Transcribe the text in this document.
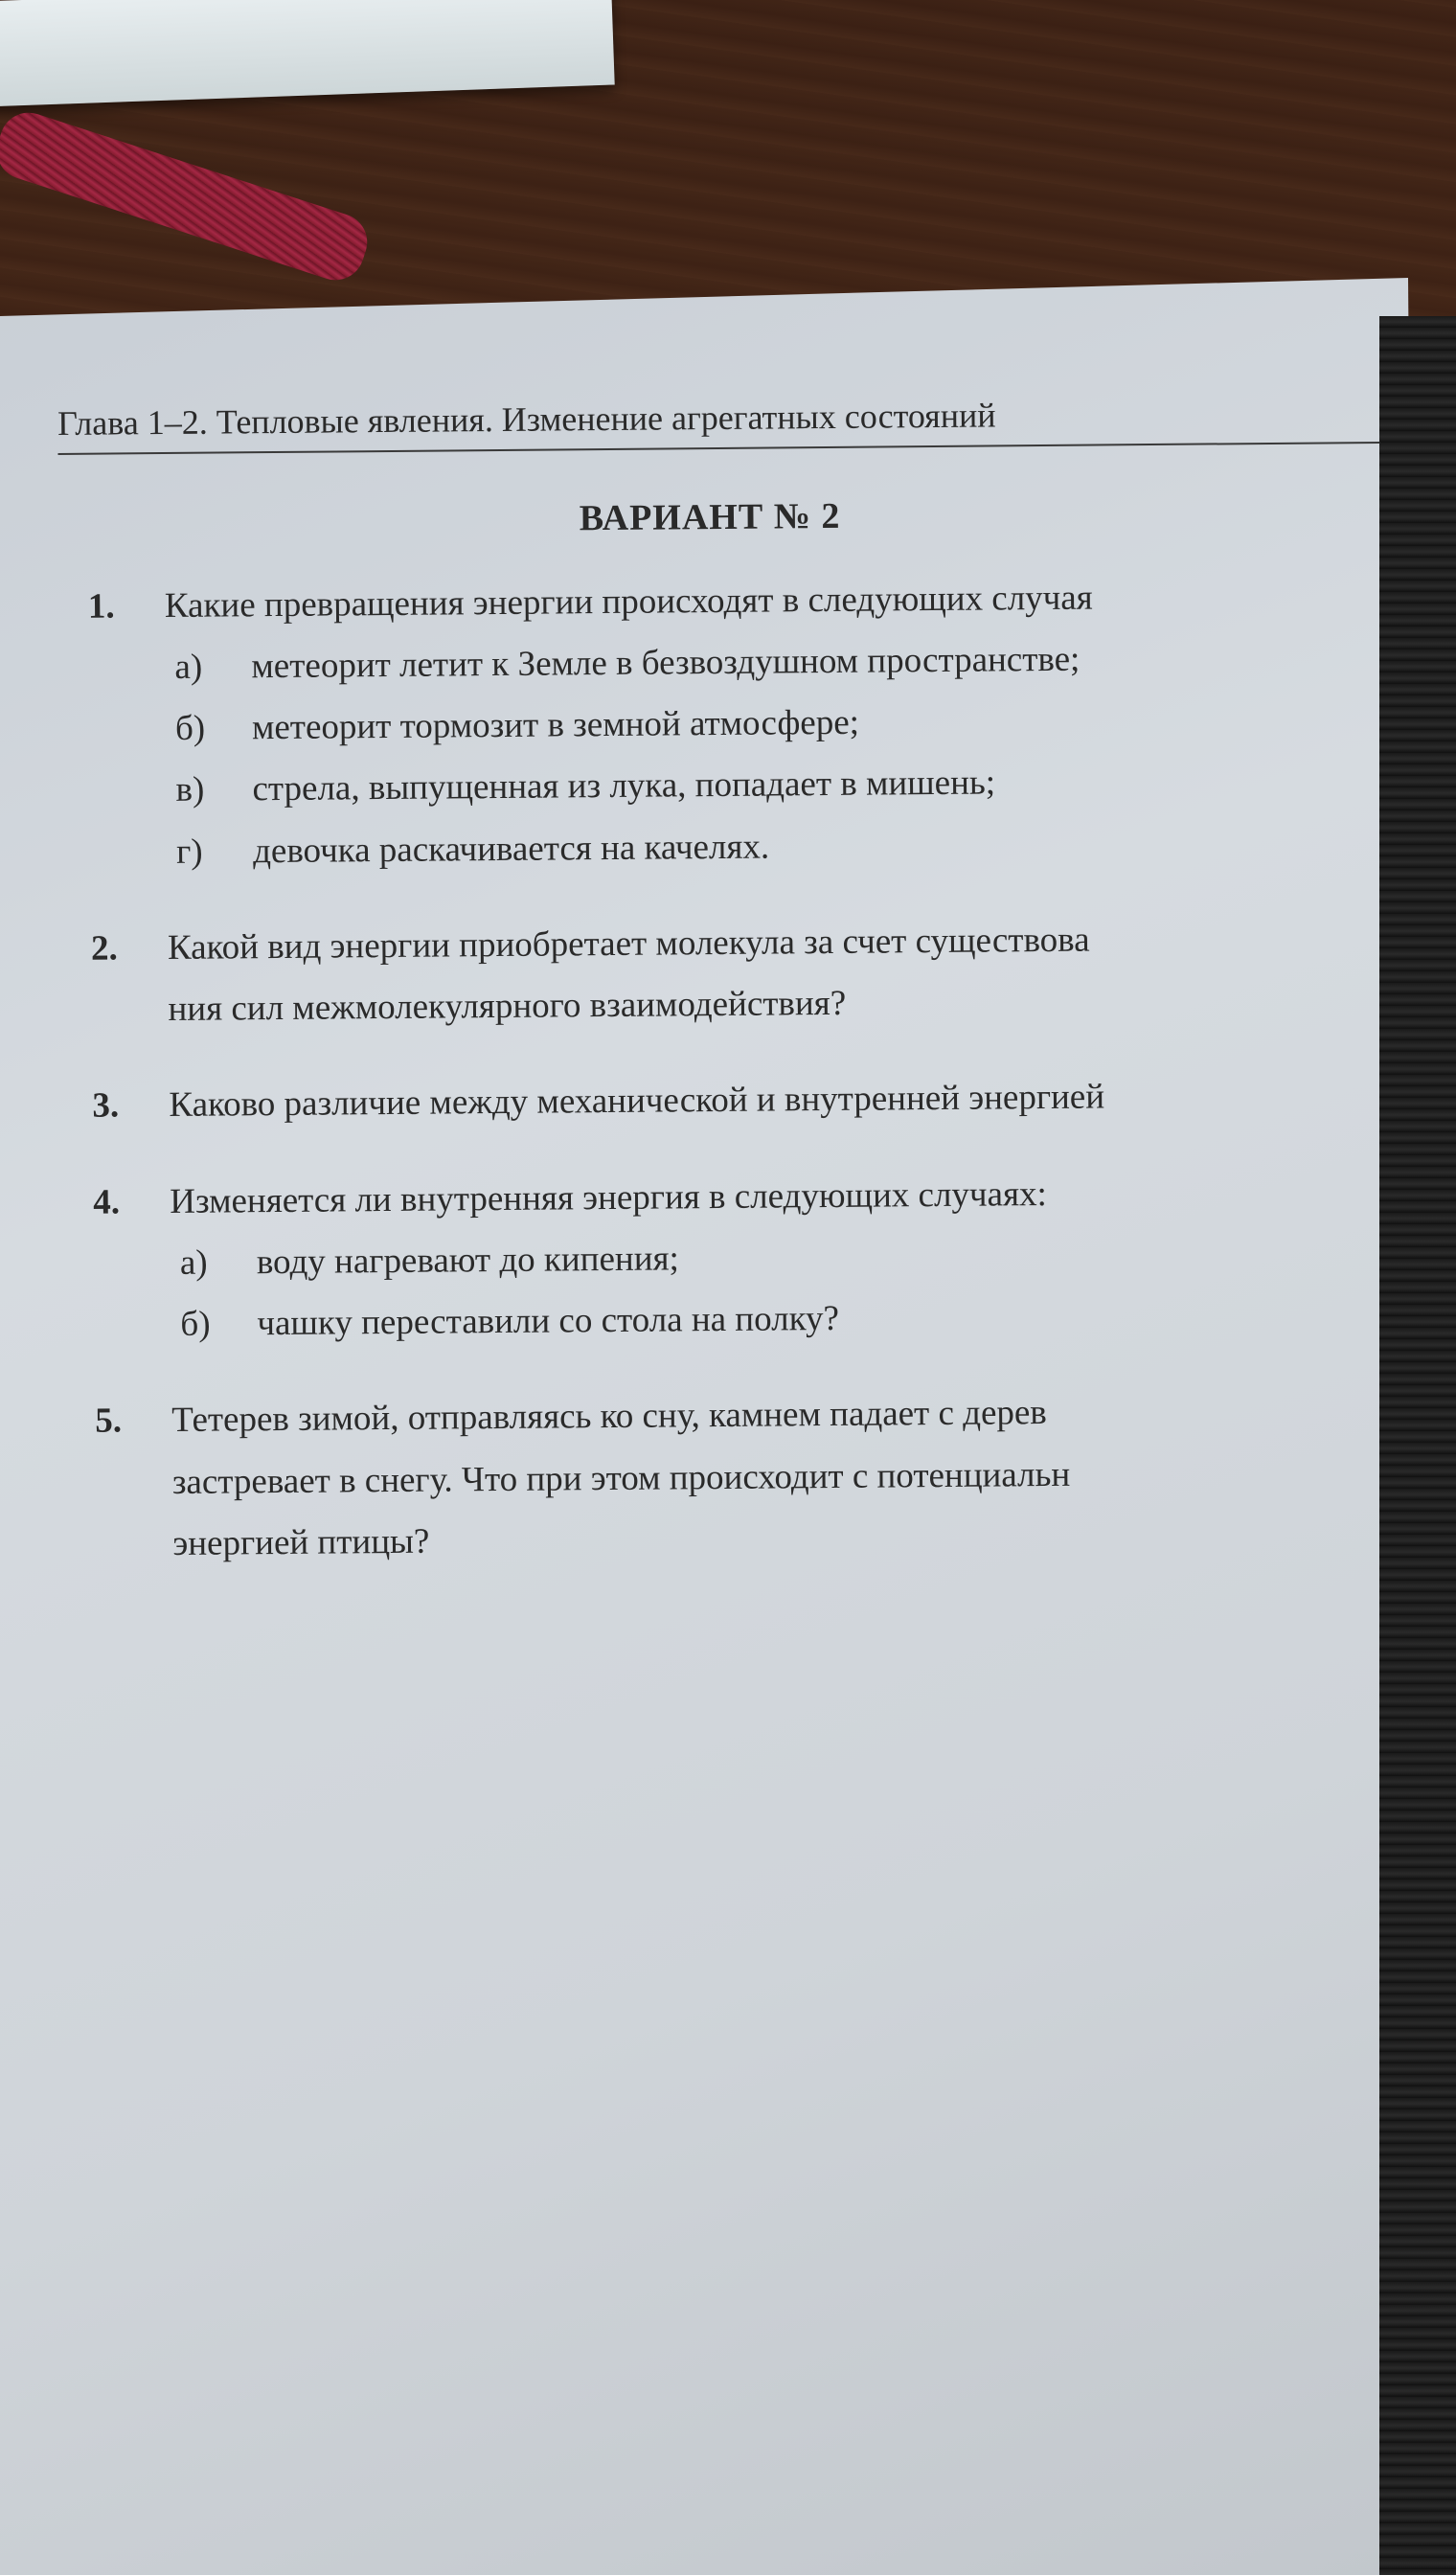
Глава 1–2. Тепловые явления. Изменение агрегатных состояний
ВАРИАНТ № 2
1.	Какие превращения энергии происходят в следующих случая
а)	метеорит летит к Земле в безвоздушном пространстве;
б)	метеорит тормозит в земной атмосфере;
в)	стрела, выпущенная из лука, попадает в мишень;
г)	девочка раскачивается на качелях.
2.	Какой вид энергии приобретает молекула за счет существова
ния сил межмолекулярного взаимодействия?
3.	Каково различие между механической и внутренней энергией
4.	Изменяется ли внутренняя энергия в следующих случаях:
а)	воду нагревают до кипения;
б)	чашку переставили со стола на полку?
5.	Тетерев зимой, отправляясь ко сну, камнем падает с дерев
застревает в снегу. Что при этом происходит с потенциальн
энергией птицы?
